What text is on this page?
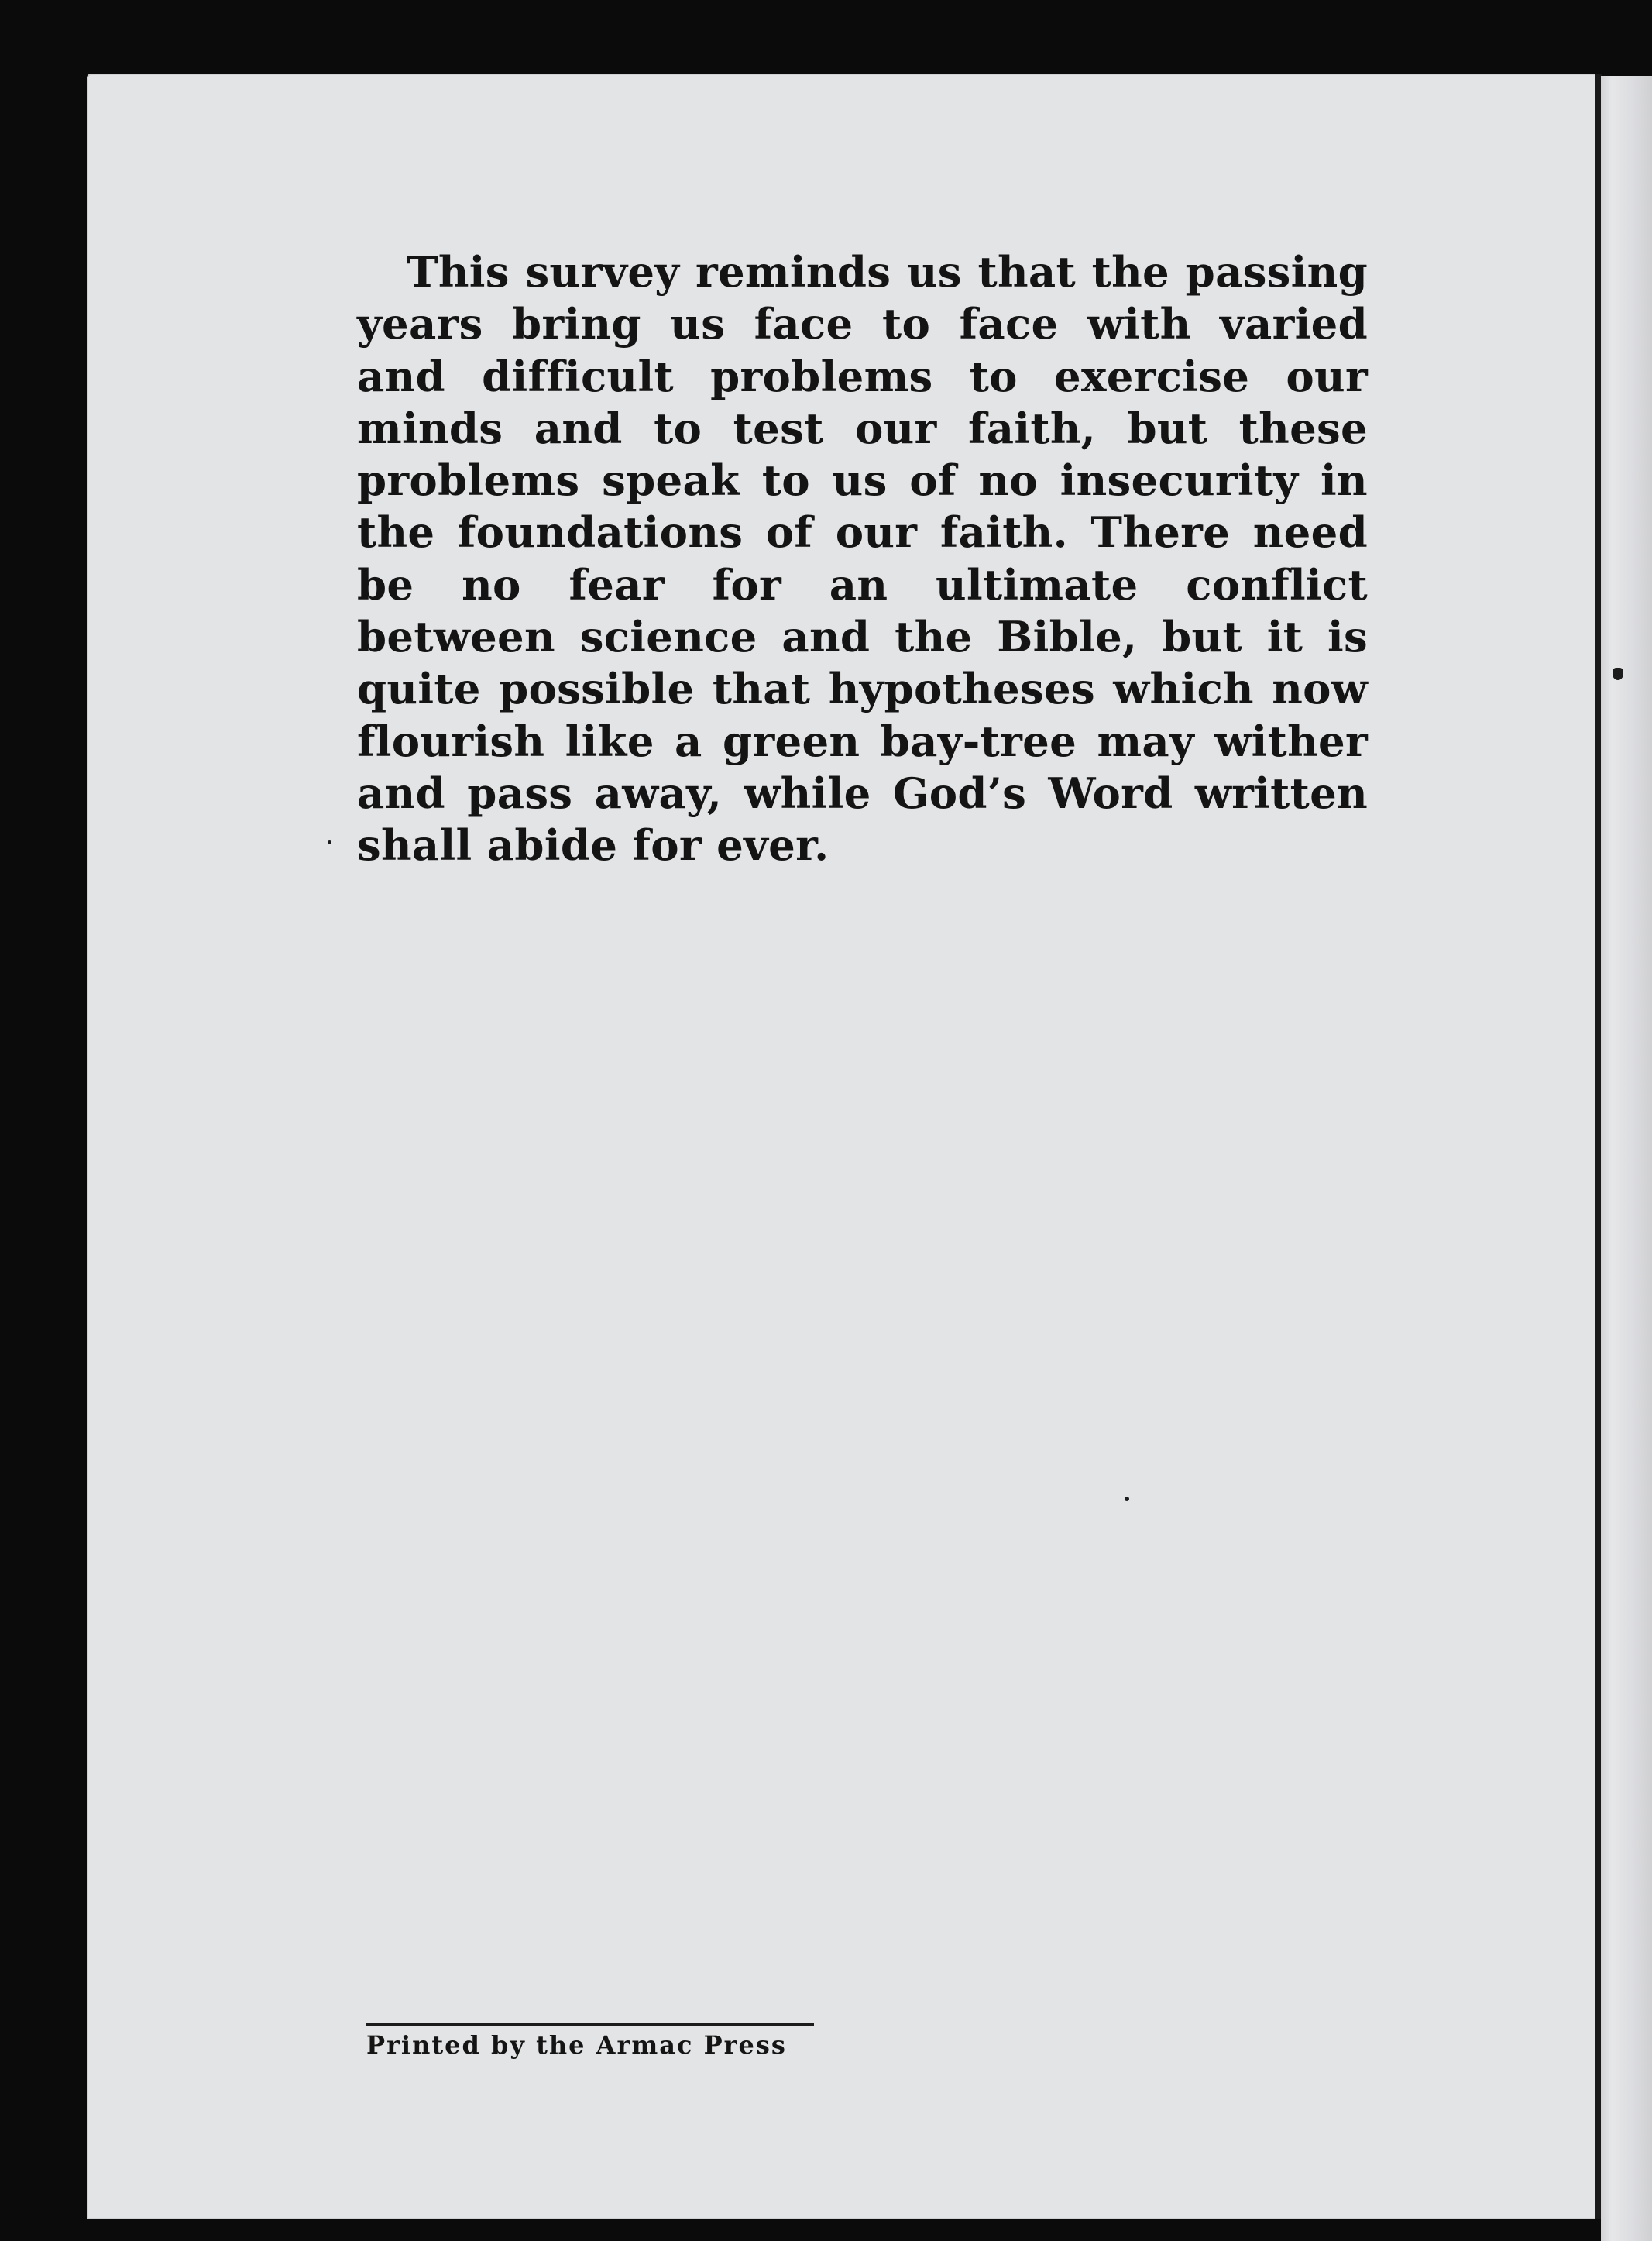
This survey reminds us that the passing years bring us face to face with varied and difficult problems to exercise our minds and to test our faith, but these problems speak to us of no insecurity in the foundations of our faith. There need be no fear for an ultimate conflict between science and the Bible, but it is quite possible that hypotheses which now flourish like a green bay-tree may wither and pass away, while God’s Word written shall abide for ever.

Printed by the Armac Press
